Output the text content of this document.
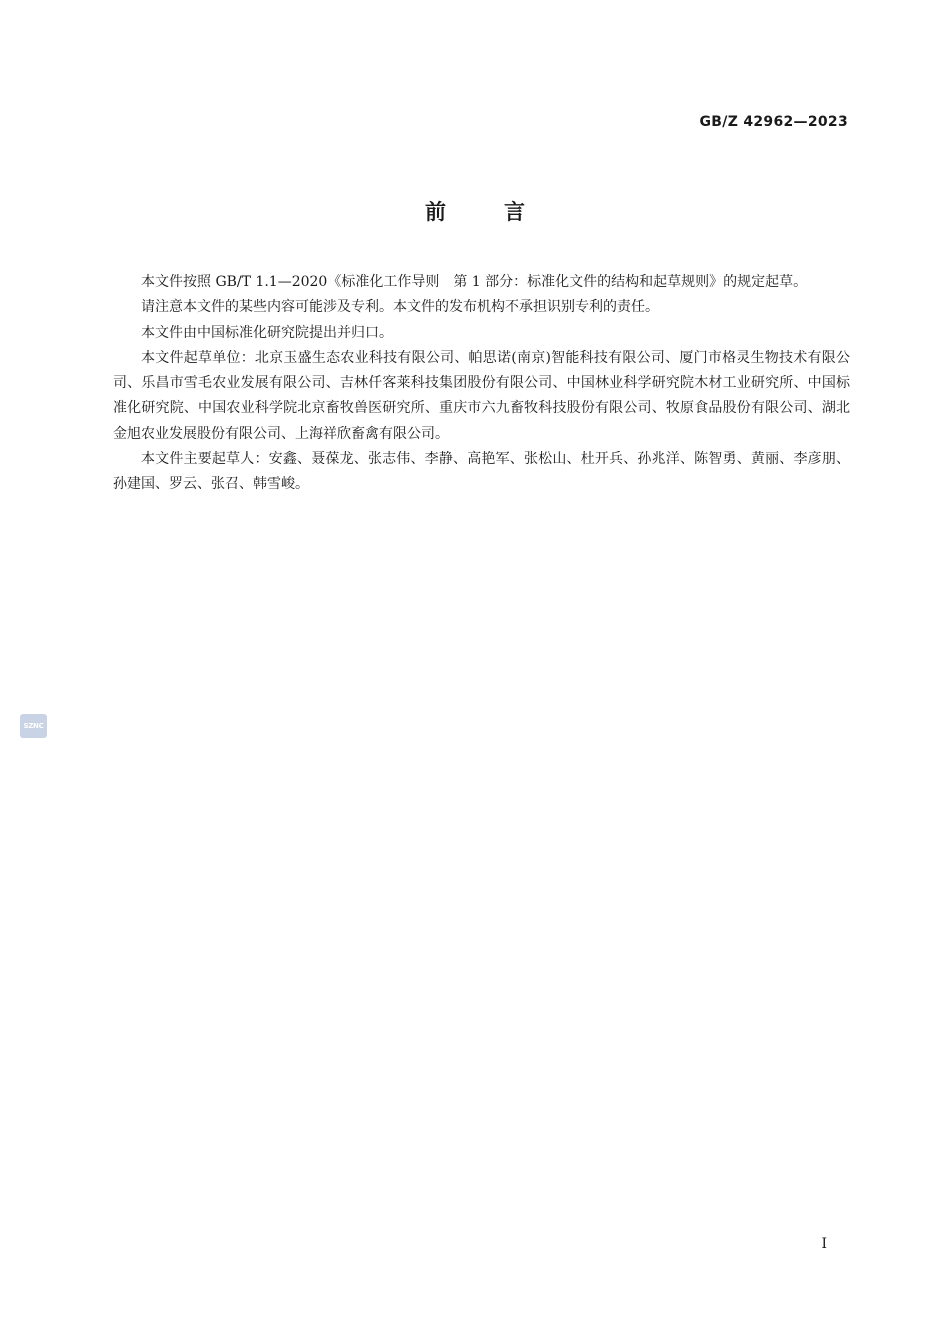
GB/Z 42962—2023
前言

本文件按照 GB/T 1.1—2020《标准化工作导则　第 1 部分：标准化文件的结构和起草规则》的规定起草。

请注意本文件的某些内容可能涉及专利。本文件的发布机构不承担识别专利的责任。

本文件由中国标准化研究院提出并归口。

本文件起草单位：北京玉盛生态农业科技有限公司、帕思诺(南京)智能科技有限公司、厦门市格灵生物技术有限公司、乐昌市雪毛农业发展有限公司、吉林仟客莱科技集团股份有限公司、中国林业科学研究院木材工业研究所、中国标准化研究院、中国农业科学院北京畜牧兽医研究所、重庆市六九畜牧科技股份有限公司、牧原食品股份有限公司、湖北金旭农业发展股份有限公司、上海祥欣畜禽有限公司。

本文件主要起草人：安鑫、聂葆龙、张志伟、李静、高艳军、张松山、杜开兵、孙兆洋、陈智勇、黄丽、李彦朋、孙建国、罗云、张召、韩雪峻。

SZNC
I
